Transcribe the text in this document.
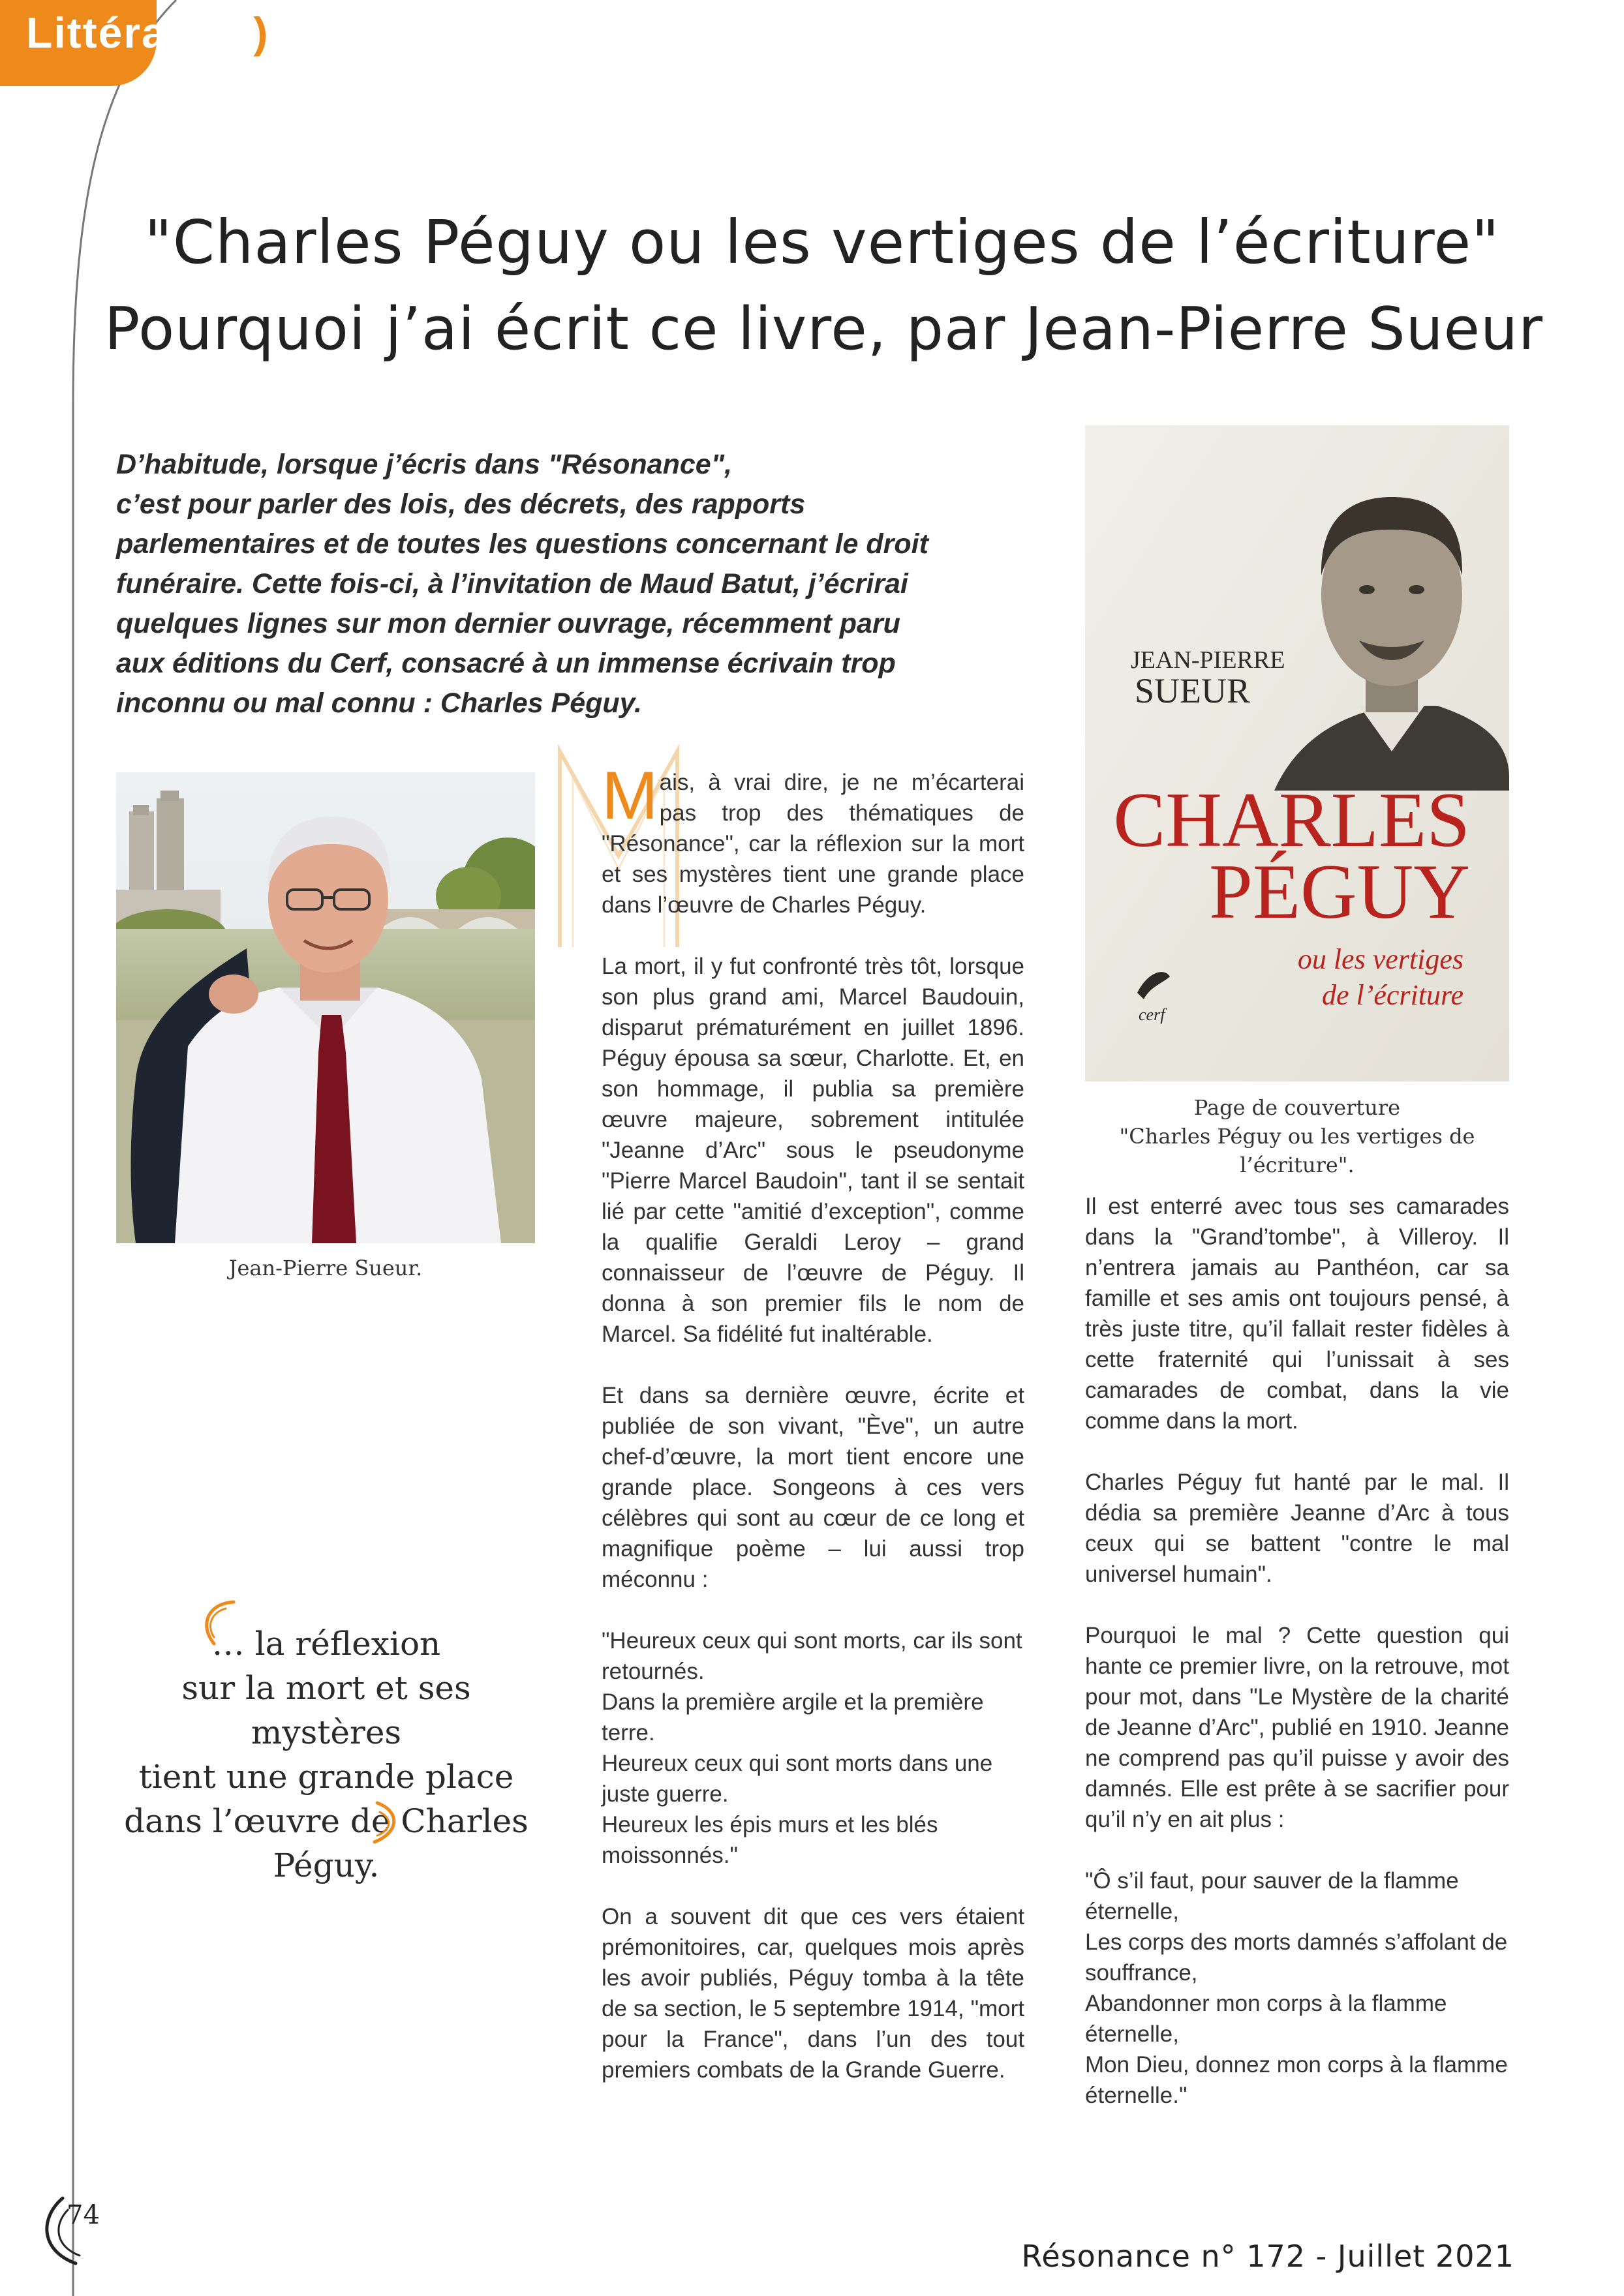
Littérature)
"Charles Péguy ou les vertiges de l’écriture"
Pourquoi j’ai écrit ce livre, par Jean-Pierre Sueur
D’habitude, lorsque j’écris dans "Résonance",
c’est pour parler des lois, des décrets, des rapports
parlementaires et de toutes les questions concernant le droit
funéraire. Cette fois-ci, à l’invitation de Maud Batut, j’écrirai
quelques lignes sur mon dernier ouvrage, récemment paru
aux éditions du Cerf, consacré à un immense écrivain trop
inconnu ou mal connu : Charles Péguy.
Jean-Pierre Sueur.
… la réflexion
sur la mort et ses mystères
tient une grande place
dans l’œuvre de Charles
Péguy.

Mais, à vrai dire, je ne m’écarterai pas trop des thématiques de "Résonance", car la réflexion sur la mort et ses mystères tient une grande place dans l’œuvre de Charles Péguy.

La mort, il y fut confronté très tôt, lorsque son plus grand ami, Marcel Baudouin, disparut prématurément en juillet 1896. Péguy épousa sa sœur, Charlotte. Et, en son hommage, il publia sa première œuvre majeure, sobrement intitulée "Jeanne d’Arc" sous le pseudonyme "Pierre Marcel Baudoin", tant il se sentait lié par cette "amitié d’exception", comme la qualifie Geraldi Leroy – grand connaisseur de l’œuvre de Péguy. Il donna à son premier fils le nom de Marcel. Sa fidélité fut inaltérable.

Et dans sa dernière œuvre, écrite et publiée de son vivant, "Ève", un autre chef-d’œuvre, la mort tient encore une grande place. Songeons à ces vers célèbres qui sont au cœur de ce long et magnifique poème – lui aussi trop méconnu :

"Heureux ceux qui sont morts, car ils sont retournés.
Dans la première argile et la première terre.
Heureux ceux qui sont morts dans une juste guerre.
Heureux les épis murs et les blés moissonnés."

On a souvent dit que ces vers étaient prémonitoires, car, quelques mois après les avoir publiés, Péguy tomba à la tête de sa section, le 5 septembre 1914, "mort pour la France", dans l’un des tout premiers combats de la Grande Guerre.

JEAN-PIERRE
SUEUR
CHARLES
PÉGUY
ou les vertiges
de l’écriture
cerf
Page de couverture
"Charles Péguy ou les vertiges de l’écriture".

Il est enterré avec tous ses camarades dans la "Grand’tombe", à Villeroy. Il n’entrera jamais au Panthéon, car sa famille et ses amis ont toujours pensé, à très juste titre, qu’il fallait rester fidèles à cette fraternité qui l’unissait à ses camarades de combat, dans la vie comme dans la mort.

Charles Péguy fut hanté par le mal. Il dédia sa première Jeanne d’Arc à tous ceux qui se battent "contre le mal universel humain".

Pourquoi le mal ? Cette question qui hante ce premier livre, on la retrouve, mot pour mot, dans "Le Mystère de la charité de Jeanne d’Arc", publié en 1910. Jeanne ne comprend pas qu’il puisse y avoir des damnés. Elle est prête à se sacrifier pour qu’il n’y en ait plus :

"Ô s’il faut, pour sauver de la flamme éternelle,
Les corps des morts damnés s’affolant de souffrance,
Abandonner mon corps à la flamme éternelle,
Mon Dieu, donnez mon corps à la flamme éternelle."

74
Résonance n° 172 - Juillet 2021
